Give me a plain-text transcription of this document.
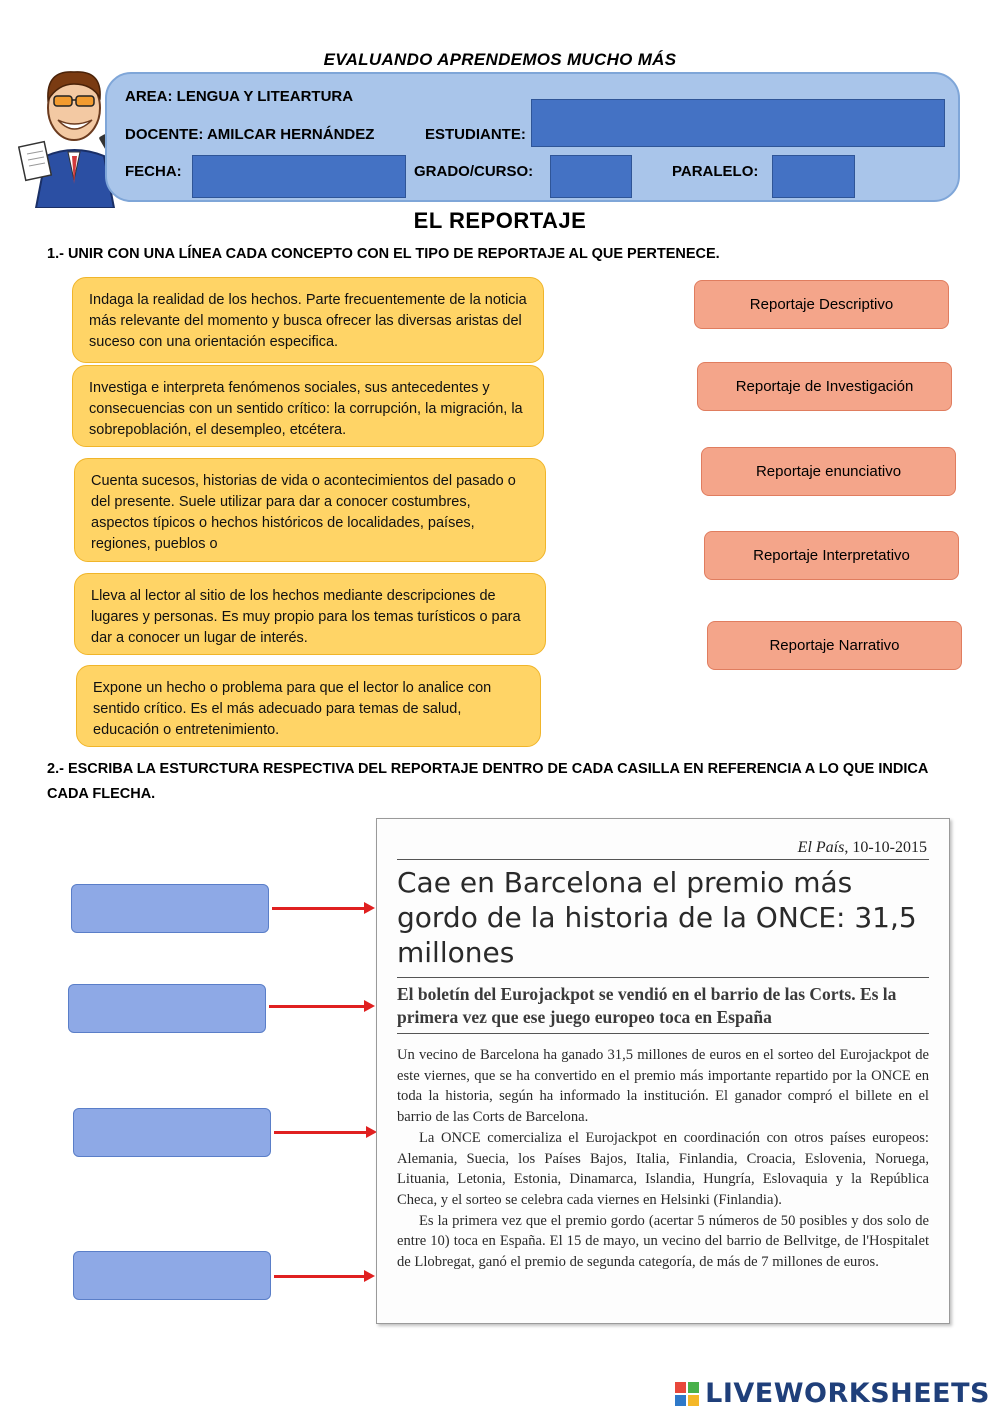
EVALUANDO APRENDEMOS MUCHO MÁS
AREA: LENGUA Y LITEARTURA
DOCENTE: AMILCAR HERNÁNDEZ	ESTUDIANTE:
FECHA:	GRADO/CURSO:	PARALELO:
EL REPORTAJE
1.- UNIR CON UNA LÍNEA CADA CONCEPTO CON EL TIPO DE REPORTAJE AL QUE PERTENECE.
Indaga la realidad de los hechos. Parte frecuentemente de la noticia más relevante del momento y busca ofrecer las diversas aristas del suceso con una orientación especifica.
Investiga e interpreta fenómenos sociales, sus antecedentes y consecuencias con un sentido crítico: la corrupción, la migración, la sobrepoblación, el desempleo, etcétera.
Cuenta sucesos, historias de vida o acontecimientos del pasado o del presente. Suele utilizar para dar a conocer costumbres, aspectos típicos o hechos históricos de localidades, países, regiones, pueblos o
Lleva al lector al sitio de los hechos mediante descripciones de lugares y personas. Es muy propio para los temas turísticos o para dar a conocer un lugar de interés.
Expone un hecho o problema para que el lector lo analice con sentido crítico. Es el más adecuado para temas de salud, educación o entretenimiento.
Reportaje Descriptivo
Reportaje de Investigación
Reportaje enunciativo
Reportaje Interpretativo
Reportaje Narrativo
2.- ESCRIBA LA ESTURCTURA RESPECTIVA DEL REPORTAJE DENTRO DE CADA CASILLA EN REFERENCIA A LO QUE INDICA CADA FLECHA.
El País, 10-10-2015
Cae en Barcelona el premio más gordo de la historia de la ONCE: 31,5 millones
El boletín del Eurojackpot se vendió en el barrio de las Corts. Es la primera vez que ese juego europeo toca en España

Un vecino de Barcelona ha ganado 31,5 millones de euros en el sorteo del Eurojackpot de este viernes, que se ha convertido en el premio más importante repartido por la ONCE en toda la historia, según ha informado la institución. El ganador compró el billete en el barrio de las Corts de Barcelona.

La ONCE comercializa el Eurojackpot en coordinación con otros países europeos: Alemania, Suecia, los Países Bajos, Italia, Finlandia, Croacia, Eslovenia, Noruega, Lituania, Letonia, Estonia, Dinamarca, Islandia, Hungría, Eslovaquia y la República Checa, y el sorteo se celebra cada viernes en Helsinki (Finlandia).

Es la primera vez que el premio gordo (acertar 5 números de 50 posibles y dos solo de entre 10) toca en España. El 15 de mayo, un vecino del barrio de Bellvitge, de l'Hospitalet de Llobregat, ganó el premio de segunda categoría, de más de 7 millones de euros.

LIVEWORKSHEETS
